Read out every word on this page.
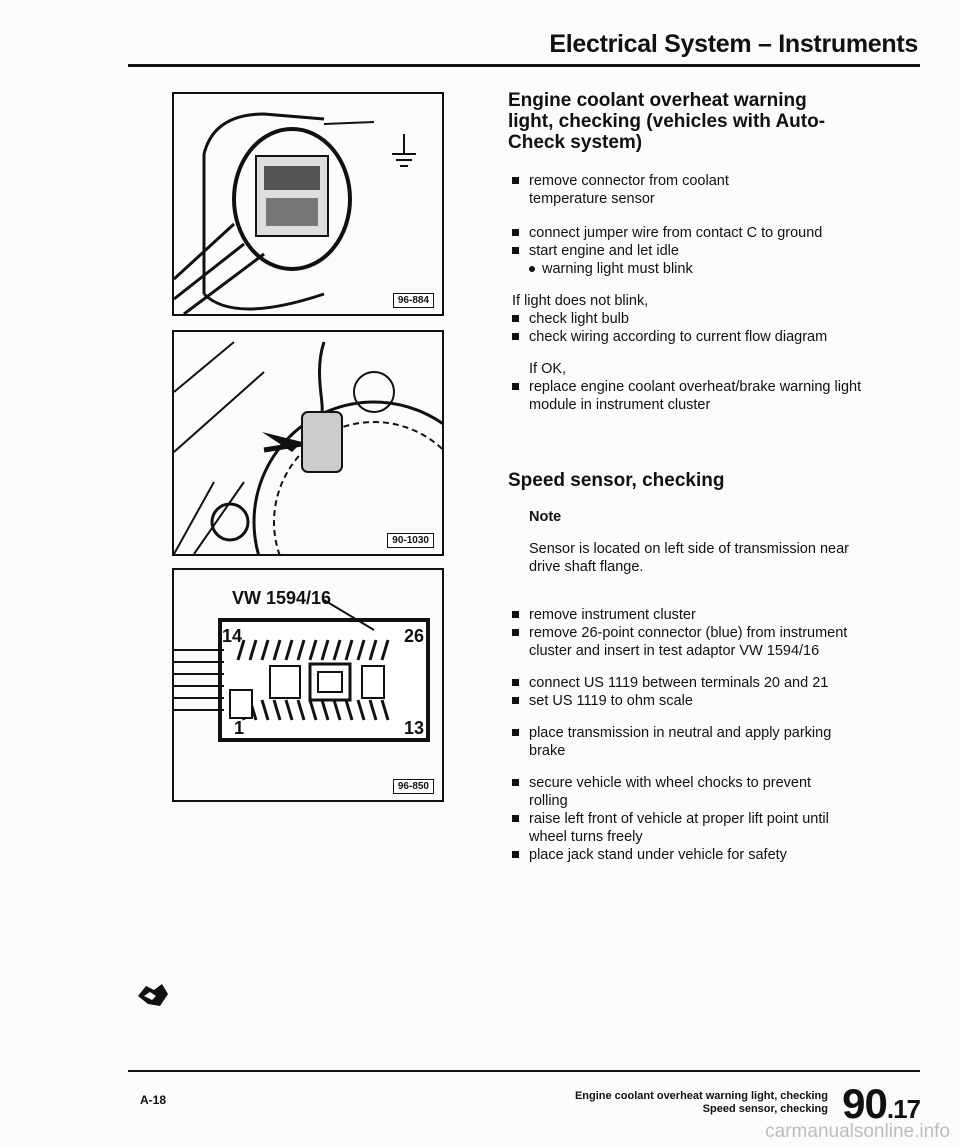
Electrical System – Instruments
96-884
90-1030
VW 1594/16
14	26
1	13
96-850
Engine coolant overheat warning light, checking (vehicles with Auto-Check system)

remove connector from coolant temperature sensor

connect jumper wire from contact C to ground

start engine and let idle

warning light must blink

If light does not blink,

check light bulb

check wiring according to current flow diagram

If OK,

replace engine coolant overheat/brake warning light module in instrument cluster

Speed sensor, checking

Note

Sensor is located on left side of transmission near drive shaft flange.

remove instrument cluster

remove 26-point connector (blue) from instrument cluster and insert in test adaptor VW 1594/16

connect US 1119 between terminals 20 and 21

set US 1119 to ohm scale

place transmission in neutral and apply parking brake

secure vehicle with wheel chocks to prevent rolling

raise left front of vehicle at proper lift point until wheel turns freely

place jack stand under vehicle for safety

A-18	Engine coolant overheat warning light, checking
Speed sensor, checking 90.17
carmanualsonline.info
